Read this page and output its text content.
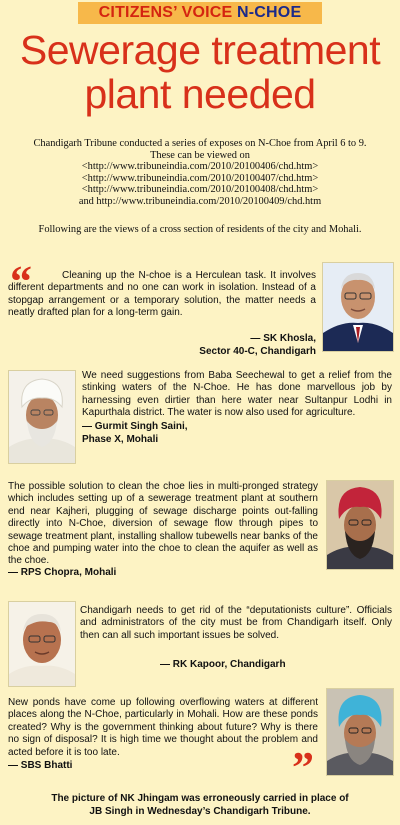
CITIZENS’ VOICE N-CHOE
Sewerage treatment
plant needed
Chandigarh Tribune conducted a series of exposes on N-Choe from April 6 to 9.
These can be viewed on
<http://www.tribuneindia.com/2010/20100406/chd.htm>
<http://www.tribuneindia.com/2010/20100407/chd.htm>
<http://www.tribuneindia.com/2010/20100408/chd.htm>
and http://www.tribuneindia.com/2010/20100409/chd.htm
Following are the views of a cross section of residents of the city and Mohali.
“	Cleaning up the N-choe is a Herculean task. It involves different departments and no one can work in isolation. Instead of a stopgap arrangement or a temporary solution, the matter needs a neatly drafted plan for a long-term gain.
— SK Khosla,
Sector 40-C, Chandigarh
We need suggestions from Baba Seechewal to get a relief from the stinking waters of the N-Choe. He has done marvellous job by harnessing even dirtier than here water near Sultanpur Lodhi in Kapurthala district. The water is now also used for agriculture.
— Gurmit Singh Saini,
Phase X, Mohali
The possible solution to clean the choe lies in multi-pronged strategy which includes setting up of a sewerage treatment plant at southern end near Kajheri, plugging of sewage discharge points out-falling directly into N-Choe, diversion of sewage flow through pipes to sewage treatment plant, installing shallow tubewells near banks of the choe and pumping water into the choe to clean the aquifer as well as the choe.
— RPS Chopra, Mohali
Chandigarh needs to get rid of the “deputationists culture”. Officials and administrators of the city must be from Chandigarh itself. Only then can all such important issues be solved.
— RK Kapoor, Chandigarh
New ponds have come up following overflowing waters at different places along the N-Choe, particularly in Mohali. How are these ponds created? Why is the government thinking about future? Why is there no sign of disposal? It is high time we thought about the problem and acted before it is too late.
— SBS Bhatti	”
The picture of NK Jhingam was erroneously carried in place of
JB Singh in Wednesday’s Chandigarh Tribune.
